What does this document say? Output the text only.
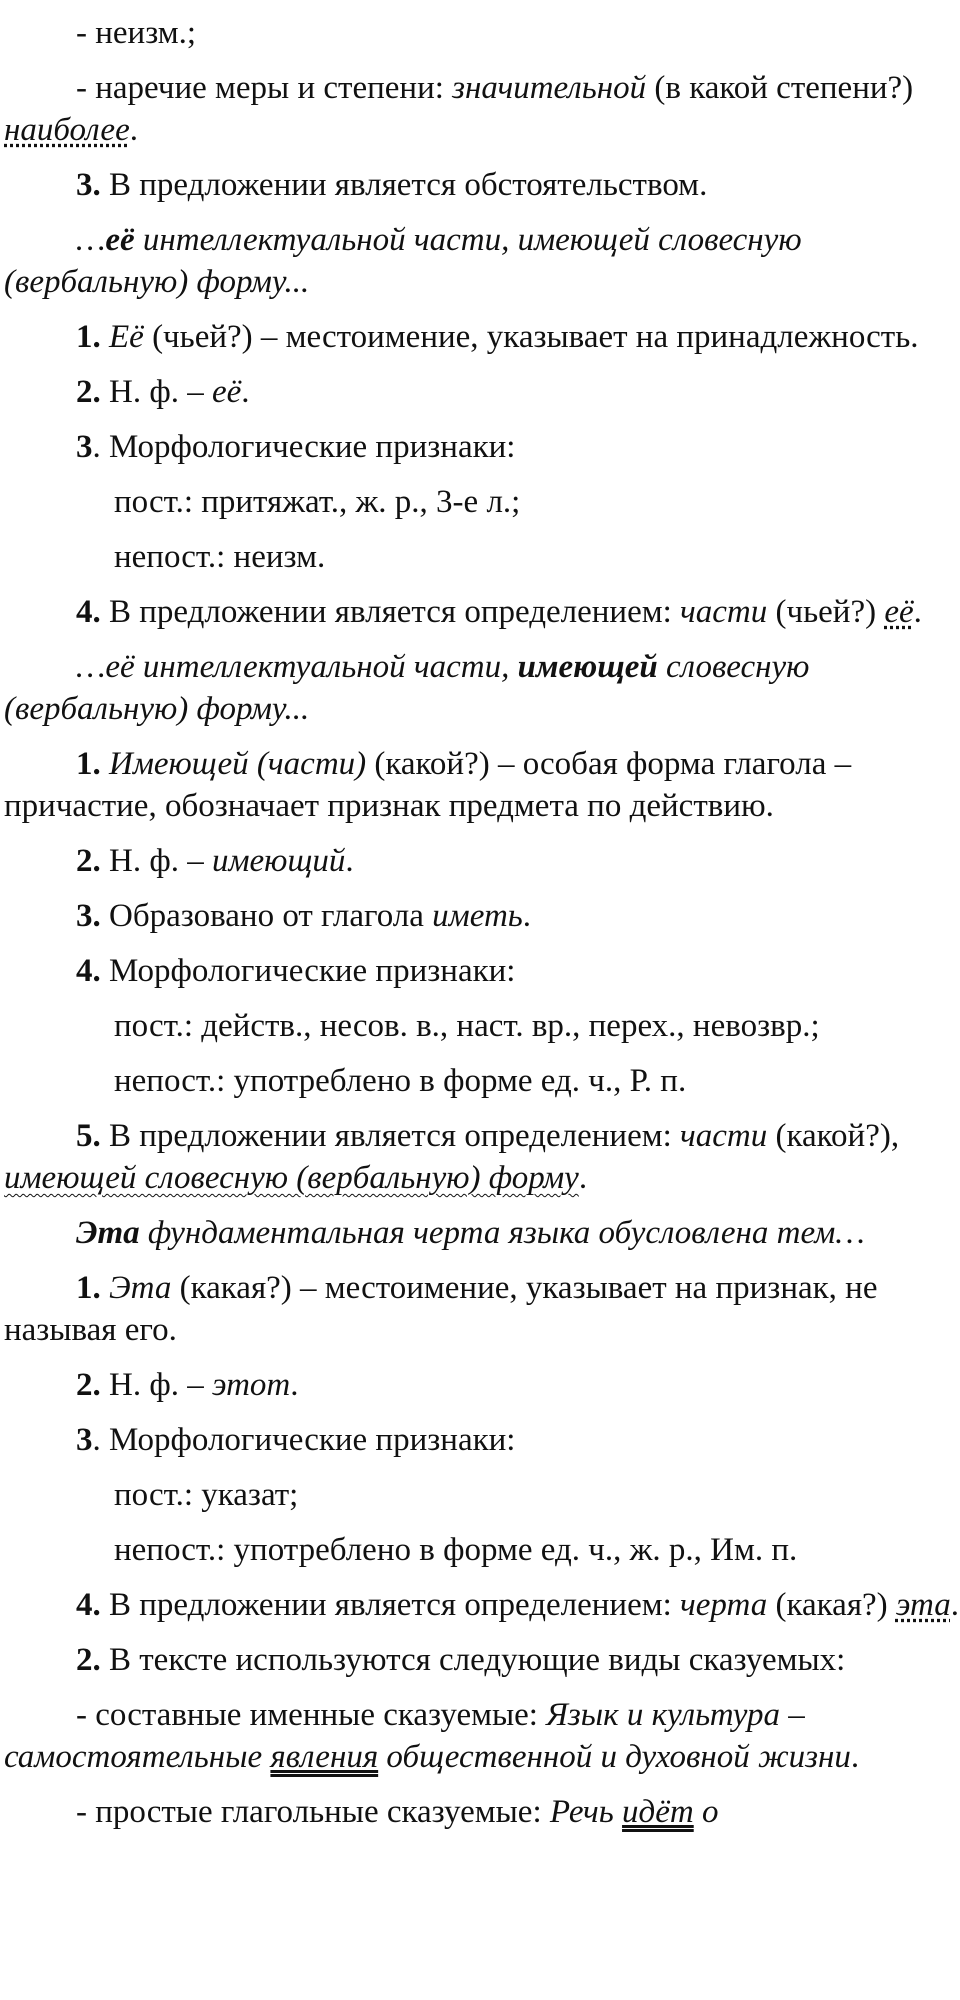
- неизм.;

- наречие меры и степени: значительной (в какой степени?) наиболее.

3. В предложении является обстоятельством.

…её интеллектуальной части, имеющей словесную (вербальную) форму...

1. Её (чьей?) – местоимение, указывает на принадлежность.

2. Н. ф. – её.

3. Морфологические признаки:

пост.: притяжат., ж. р., 3-е л.;

непост.: неизм.

4. В предложении является определением: части (чьей?) её.

…её интеллектуальной части, имеющей словесную (вербальную) форму...

1. Имеющей (части) (какой?) – особая форма глагола – причастие, обозначает признак предмета по действию.

2. Н. ф. – имеющий.

3. Образовано от глагола иметь.

4. Морфологические признаки:

пост.: действ., несов. в., наст. вр., перех., невозвр.;

непост.: употреблено в форме ед. ч., Р. п.

5. В предложении является определением: части (какой?), имеющей словесную (вербальную) форму.

Эта фундаментальная черта языка обусловлена тем…

1. Эта (какая?) – местоимение, указывает на признак, не называя его.

2. Н. ф. – этот.

3. Морфологические признаки:

пост.: указат;

непост.: употреблено в форме ед. ч., ж. р., Им. п.

4. В предложении является определением: черта (какая?) эта.

2. В тексте используются следующие виды сказуемых:

- составные именные сказуемые: Язык и культура – самостоятельные явления общественной и духовной жизни.

- простые глагольные сказуемые: Речь идёт о
